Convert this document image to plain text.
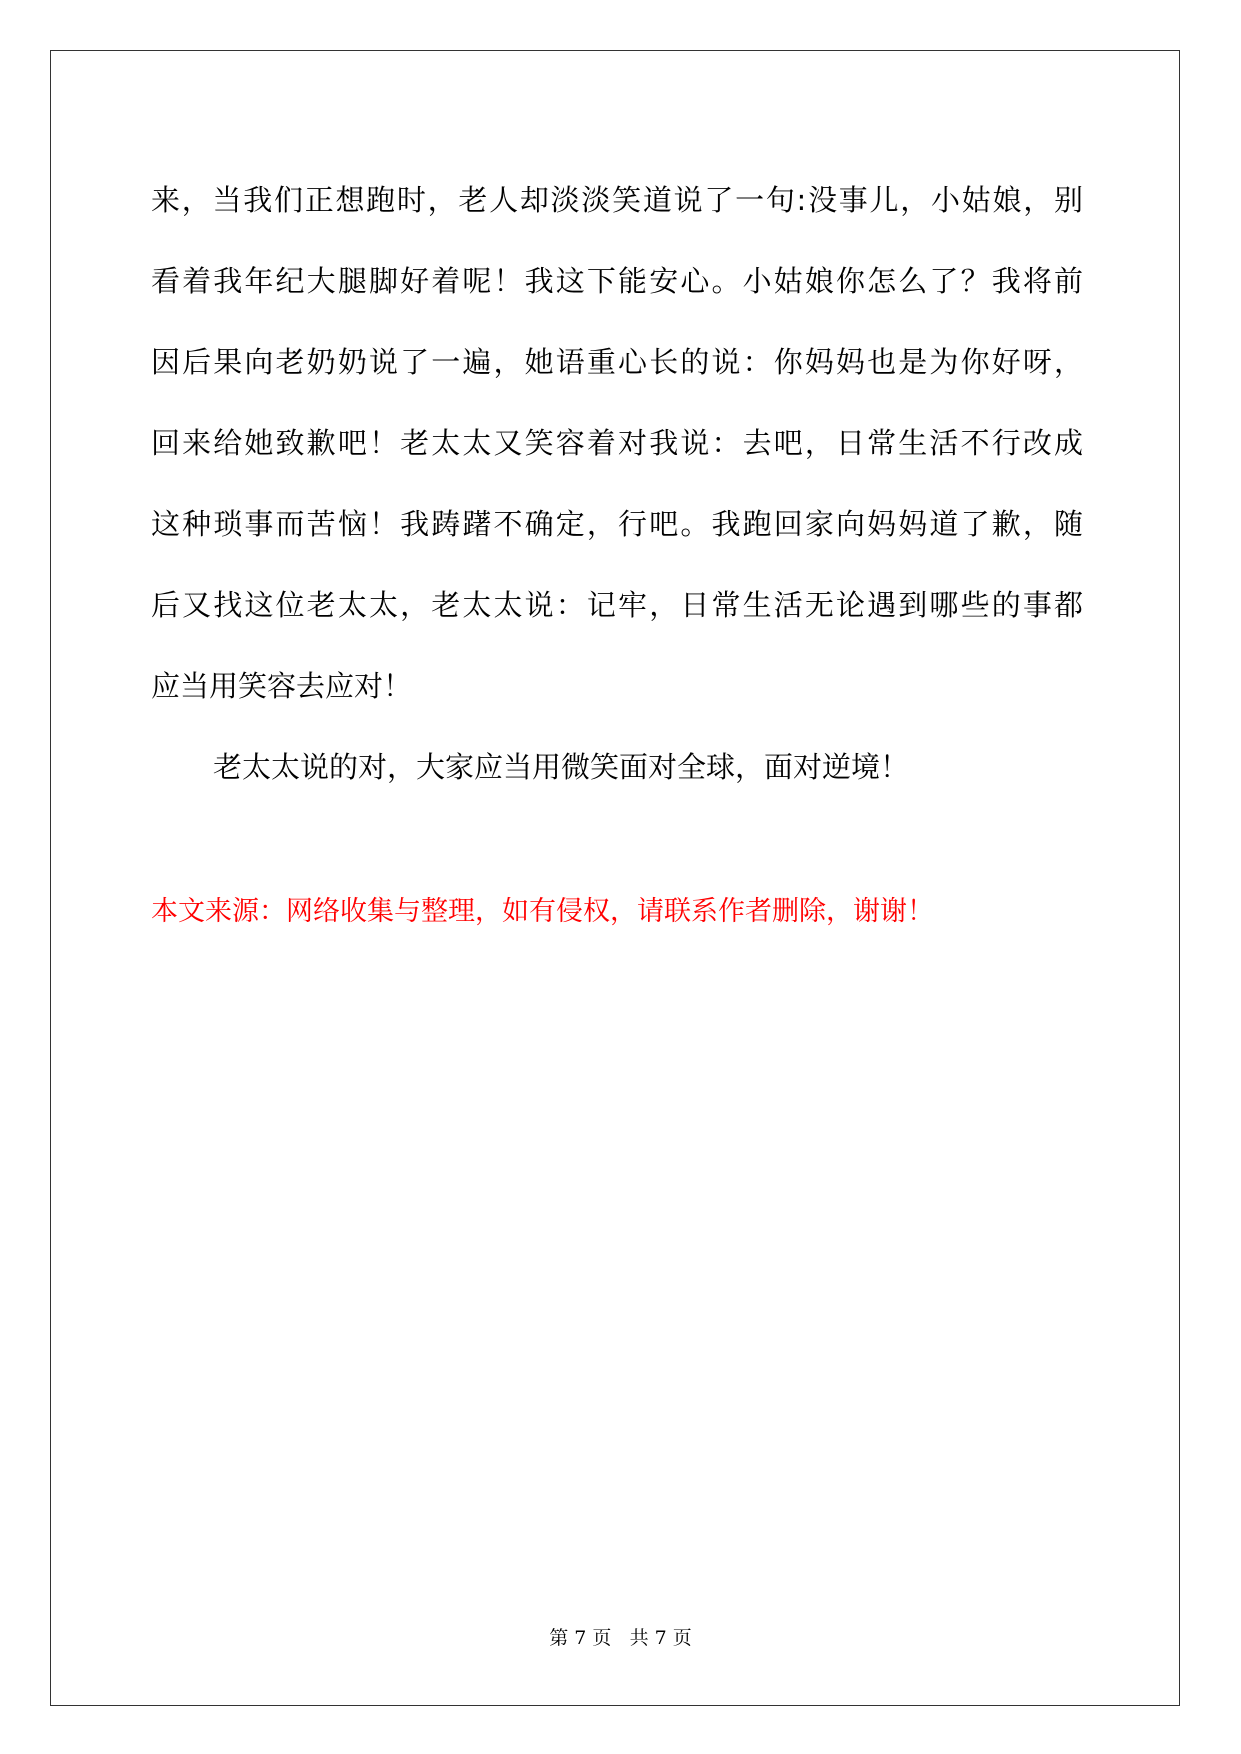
来，当我们正想跑时，老人却淡淡笑道说了一句:没事儿，小姑娘，别
看着我年纪大腿脚好着呢！我这下能安心。小姑娘你怎么了？我将前
因后果向老奶奶说了一遍，她语重心长的说：你妈妈也是为你好呀，
回来给她致歉吧！老太太又笑容着对我说：去吧，日常生活不行改成
这种琐事而苦恼！我踌躇不确定，行吧。我跑回家向妈妈道了歉，随
后又找这位老太太，老太太说：记牢，日常生活无论遇到哪些的事都
应当用笑容去应对！

老太太说的对，大家应当用微笑面对全球，面对逆境！

本文来源：网络收集与整理，如有侵权，请联系作者删除，谢谢！
第 7 页 共 7 页
